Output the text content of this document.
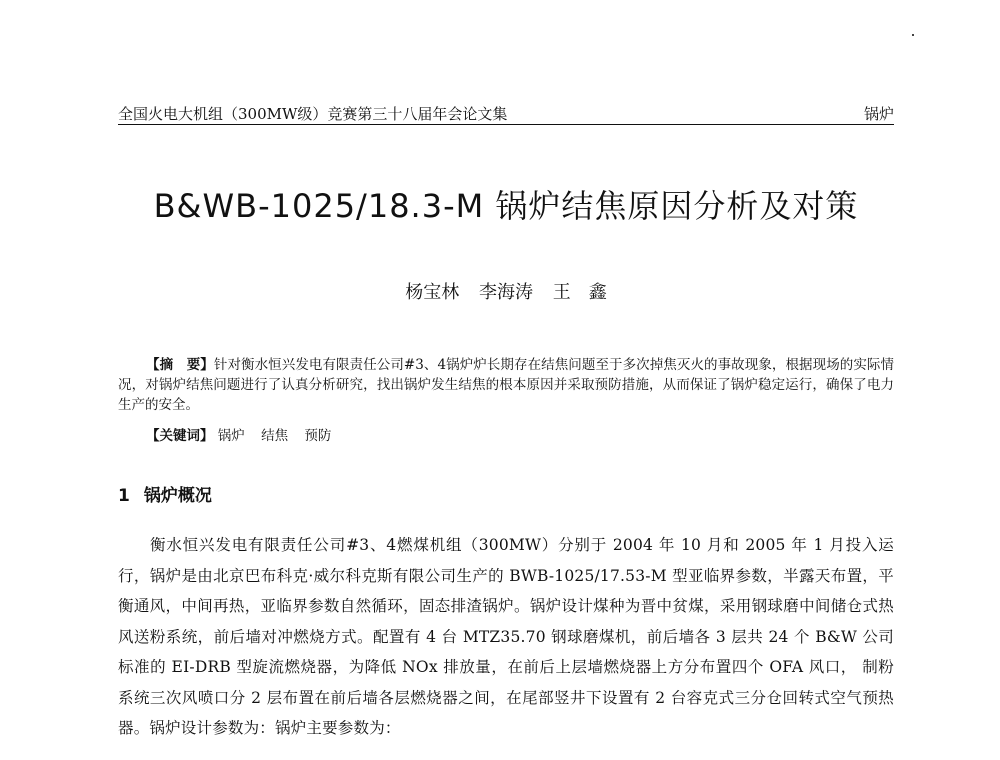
全国火电大机组（300MW级）竞赛第三十八届年会论文集	锅炉
B&WB-1025/18.3-M 锅炉结焦原因分析及对策
杨宝林 李海涛 王　鑫
【摘　要】针对衡水恒兴发电有限责任公司#3、4锅炉炉长期存在结焦问题至于多次掉焦灭火的事故现象，根据现场的实际情况，对锅炉结焦问题进行了认真分析研究，找出锅炉发生结焦的根本原因并采取预防措施，从而保证了锅炉稳定运行，确保了电力生产的安全。
【关键词】 锅炉 结焦 预防
1 锅炉概况
衡水恒兴发电有限责任公司#3、4燃煤机组（300MW）分别于 2004 年 10 月和 2005 年 1 月投入运行，锅炉是由北京巴布科克·威尔科克斯有限公司生产的 BWB-1025/17.53-M 型亚临界参数，半露天布置，平衡通风，中间再热，亚临界参数自然循环，固态排渣锅炉。锅炉设计煤种为晋中贫煤，采用钢球磨中间储仓式热风送粉系统，前后墙对冲燃烧方式。配置有 4 台 MTZ35.70 钢球磨煤机，前后墙各 3 层共 24 个 B&W 公司标准的 EI-DRB 型旋流燃烧器，为降低 NOx 排放量，在前后上层墙燃烧器上方分布置四个 OFA 风口， 制粉系统三次风喷口分 2 层布置在前后墙各层燃烧器之间，在尾部竖井下设置有 2 台容克式三分仓回转式空气预热器。锅炉设计参数为：锅炉主要参数为：
